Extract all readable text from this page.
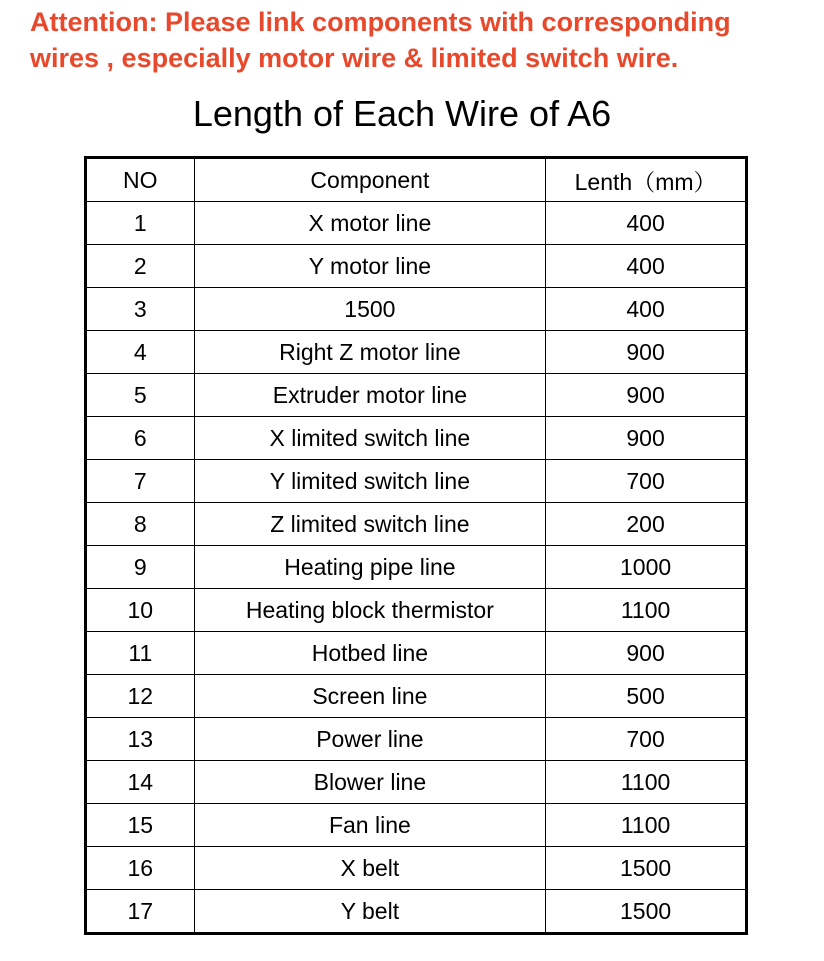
Attention: Please link components with corresponding
wires , especially motor wire & limited switch wire.

Length of Each Wire of A6
NO	Component	Lenth（mm）
1	X motor line	400
2	Y motor line	400
3	1500	400
4	Right Z motor line	900
5	Extruder motor line	900
6	X limited switch line	900
7	Y limited switch line	700
8	Z limited switch line	200
9	Heating pipe line	1000
10	Heating block thermistor	1100
11	Hotbed line	900
12	Screen line	500
13	Power line	700
14	Blower line	1100
15	Fan line	1100
16	X belt	1500
17	Y belt	1500
